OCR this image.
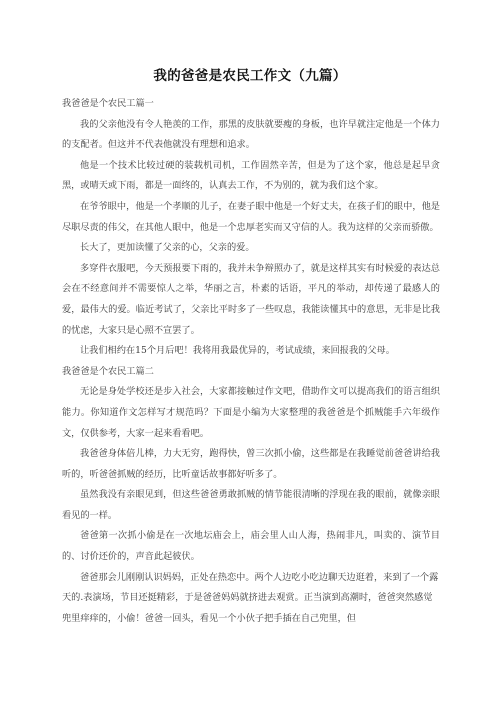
我的爸爸是农民工作文（九篇）

我爸爸是个农民工篇一

我的父亲他没有令人艳羡的工作，那黑的皮肤就要瘦的身板，也许早就注定他是一个体力的支配者。但这并不代表他就没有理想和追求。

他是一个技术比较过硬的装载机司机，工作固然辛苦，但是为了这个家，他总是起早贪黑，或晴天或下雨，都是一面终的，认真去工作，不为别的，就为我们这个家。

在爷爷眼中，他是一个孝顺的儿子，在妻子眼中他是一个好丈夫，在孩子们的眼中，他是尽职尽责的伟父，在其他人眼中，他是一个忠厚老实而又守信的人。我为这样的父亲而骄傲。

长大了，更加读懂了父亲的心，父亲的爱。

多穿件衣服吧，今天预报要下雨的，我并未争辩照办了，就是这样其实有时候爱的表达总会在不经意间并不需要惊人之举，华丽之言，朴素的话语，平凡的举动，却传递了最感人的爱，最伟大的爱。临近考试了，父亲比平时多了一些叹息，我能读懂其中的意思，无非是比我的忧虑，大家只是心照不宣罢了。

让我们相约在15个月后吧！我将用我最优异的，考试成绩，来回报我的父母。

我爸爸是个农民工篇二

无论是身处学校还是步入社会，大家都接触过作文吧，借助作文可以提高我们的语言组织能力。你知道作文怎样写才规范吗？下面是小编为大家整理的我爸爸是个抓贼能手六年级作文，仅供参考，大家一起来看看吧。

我爸爸身体倍儿棒，力大无穷，跑得快，曾三次抓小偷，这些都是在我睡觉前爸爸讲给我听的，听爸爸抓贼的经历，比听童话故事都好听多了。

虽然我没有亲眼见到，但这些爸爸勇敢抓贼的情节能很清晰的浮现在我的眼前，就像亲眼看见的一样。

爸爸第一次抓小偷是在一次地坛庙会上，庙会里人山人海，热闹非凡，叫卖的、演节目的、讨价还价的，声音此起彼伏。

爸爸那会儿刚刚认识妈妈，正处在热恋中。两个人边吃小吃边聊天边逛着，来到了一个露天的.表演场，节目还挺精彩，于是爸爸妈妈就挤进去观赏。正当演到高潮时，爸爸突然感觉兜里痒痒的，小偷！爸爸一回头，看见一个小伙子把手插在自己兜里，但
